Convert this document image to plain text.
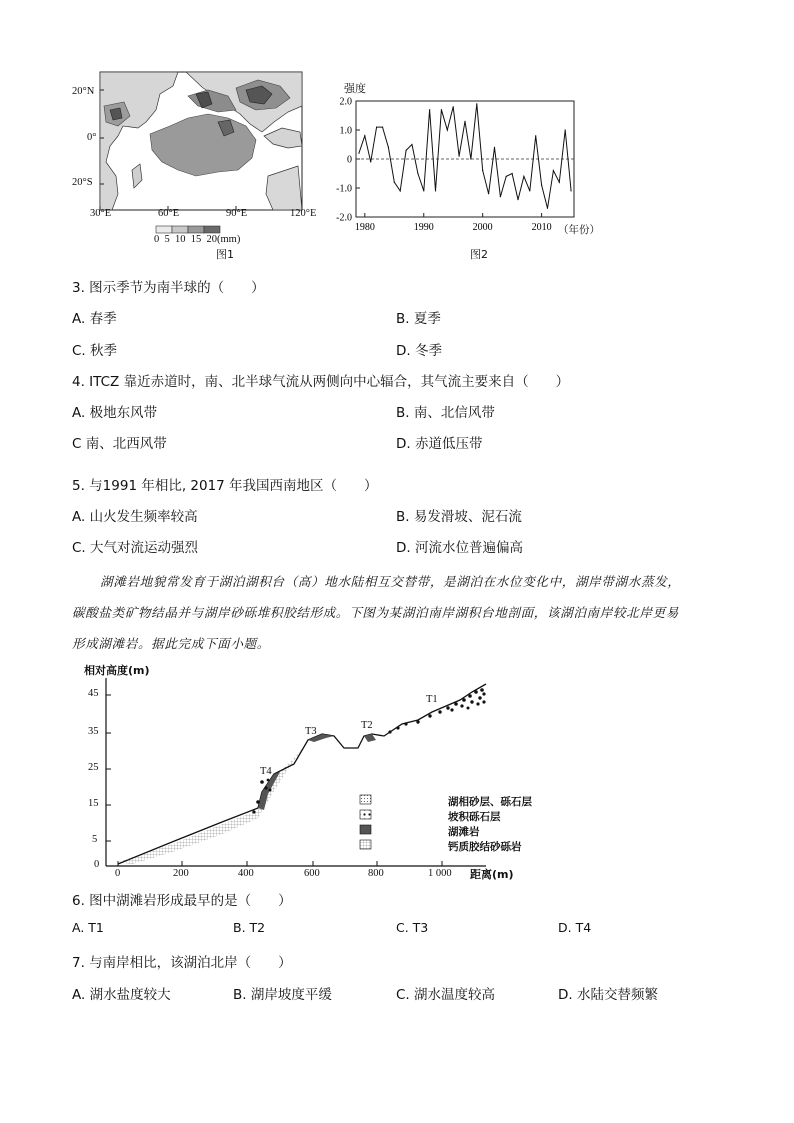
20°N
0°
20°S
30°E	60°E	90°E	120°E
0  5  10  15  20(mm)
图1
2.0
1.0
0
-1.0
-2.0
1980	1990	2000	2010
强度
（年份）
图2
3. 图示季节为南半球的（　　）
A. 春季	B. 夏季
C. 秋季	D. 冬季
4. ITCZ 靠近赤道时，南、北半球气流从两侧向中心辐合，其气流主要来自（　　）
A. 极地东风带	B. 南、北信风带
C 南、北西风带	D. 赤道低压带
5. 与1991 年相比, 2017 年我国西南地区（　　）
A. 山火发生频率较高	B. 易发滑坡、泥石流
C. 大气对流运动强烈	D. 河流水位普遍偏高
湖滩岩地貌常发育于湖泊湖积台（高）地水陆相互交替带，是湖泊在水位变化中，湖岸带湖水蒸发，
碳酸盐类矿物结晶并与湖岸砂砾堆积胶结形成。下图为某湖泊南岸湖积台地剖面，该湖泊南岸较北岸更易
形成湖滩岩。据此完成下面小题。
相对高度(m)
45
35
25
15
5
0
0	200	400	600	800	1 000 距离(m)
T1
T2
T3
T4
湖相砂层、砾石层
坡积砾石层
湖滩岩
钙质胶结砂砾岩
6. 图中湖滩岩形成最早的是（　　）
A. T1	B. T2	C. T3	D. T4
7. 与南岸相比，该湖泊北岸（　　）
A. 湖水盐度较大	B. 湖岸坡度平缓	C. 湖水温度较高	D. 水陆交替频繁
